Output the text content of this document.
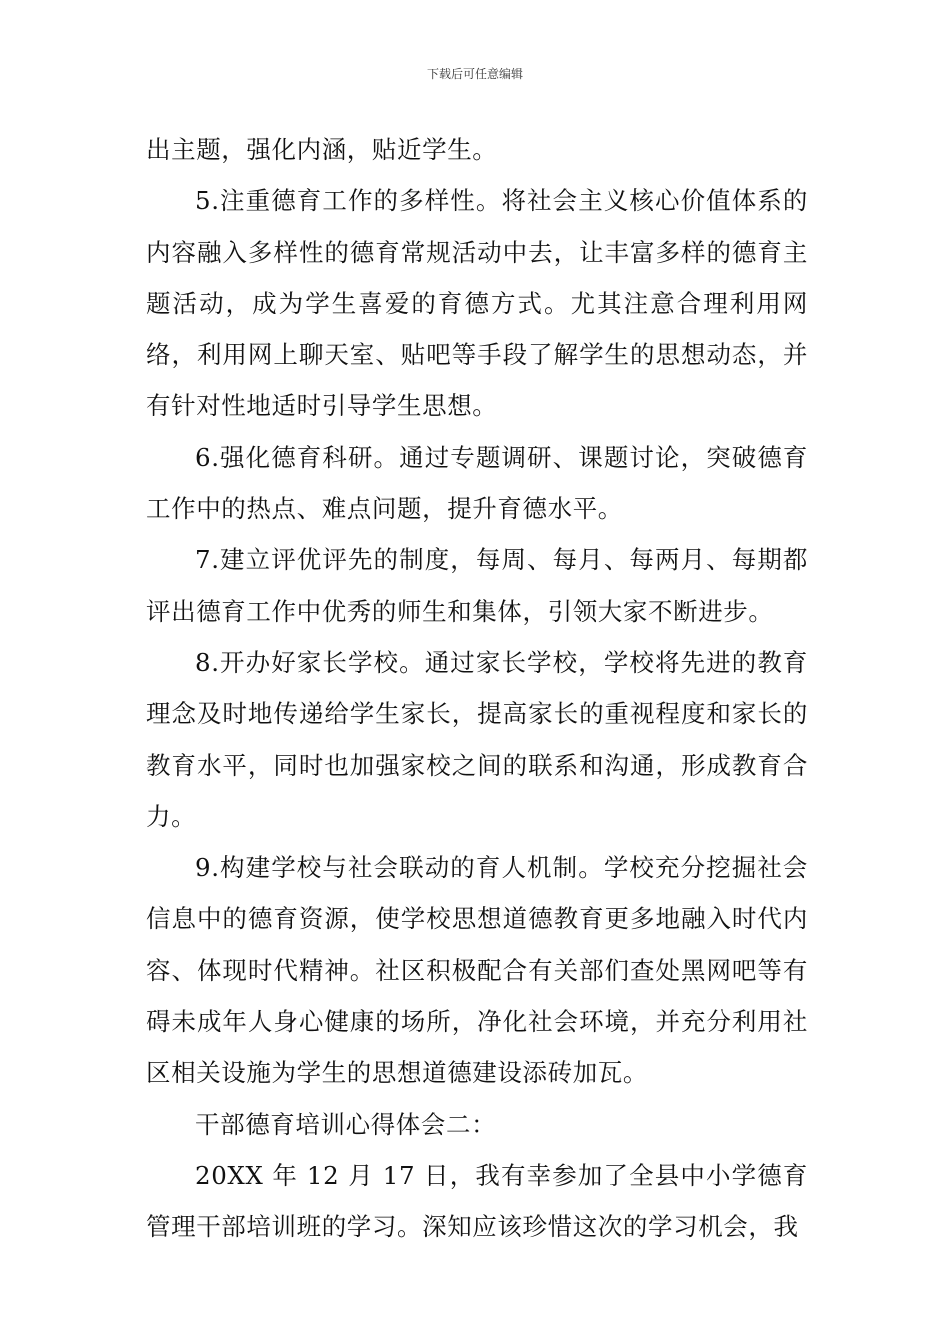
下载后可任意编辑

出主题，强化内涵，贴近学生。

5.注重德育工作的多样性。将社会主义核心价值体系的内容融入多样性的德育常规活动中去，让丰富多样的德育主题活动，成为学生喜爱的育德方式。尤其注意合理利用网络，利用网上聊天室、贴吧等手段了解学生的思想动态，并有针对性地适时引导学生思想。

6.强化德育科研。通过专题调研、课题讨论，突破德育工作中的热点、难点问题，提升育德水平。

7.建立评优评先的制度，每周、每月、每两月、每期都评出德育工作中优秀的师生和集体，引领大家不断进步。

8.开办好家长学校。通过家长学校，学校将先进的教育理念及时地传递给学生家长，提高家长的重视程度和家长的教育水平，同时也加强家校之间的联系和沟通，形成教育合力。

9.构建学校与社会联动的育人机制。学校充分挖掘社会信息中的德育资源，使学校思想道德教育更多地融入时代内容、体现时代精神。社区积极配合有关部们查处黑网吧等有碍未成年人身心健康的场所，净化社会环境，并充分利用社区相关设施为学生的思想道德建设添砖加瓦。

干部德育培训心得体会二：

20XX 年 12 月 17 日，我有幸参加了全县中小学德育管理干部培训班的学习。深知应该珍惜这次的学习机会，我
